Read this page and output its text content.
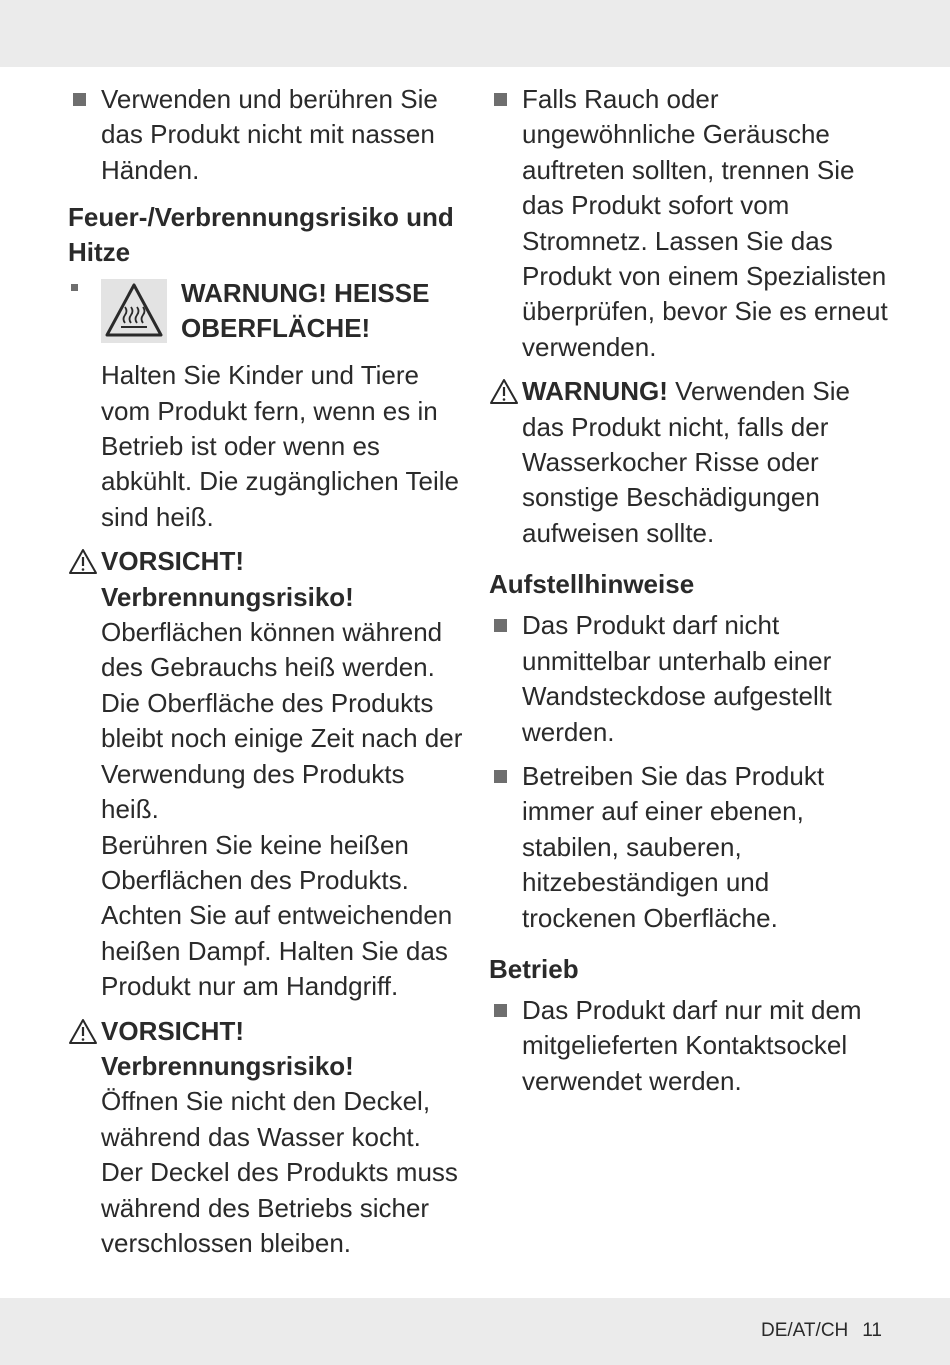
Verwenden und berühren Sie das Produkt nicht mit nassen Händen.
Feuer-/Verbrennungsrisiko und Hitze
WARNUNG! HEISSE OBERFLÄCHE!
Halten Sie Kinder und Tiere vom Produkt fern, wenn es in Betrieb ist oder wenn es abkühlt. Die zugänglichen Teile sind heiß.
VORSICHT!
Verbrennungsrisiko!
Oberflächen können während des Gebrauchs heiß werden. Die Oberfläche des Produkts bleibt noch einige Zeit nach der Verwendung des Produkts heiß.
Berühren Sie keine heißen Oberflächen des Produkts. Achten Sie auf entweichenden heißen Dampf. Halten Sie das Produkt nur am Handgriff.
VORSICHT!
Verbrennungsrisiko!
Öffnen Sie nicht den Deckel, während das Wasser kocht. Der Deckel des Produkts muss während des Betriebs sicher verschlossen bleiben.
Falls Rauch oder ungewöhnliche Geräusche auftreten sollten, trennen Sie das Produkt sofort vom Stromnetz. Lassen Sie das Produkt von einem Spezialisten überprüfen, bevor Sie es erneut verwenden.
WARNUNG! Verwenden Sie das Produkt nicht, falls der Wasserkocher Risse oder sonstige Beschädigungen aufweisen sollte.
Aufstellhinweise
Das Produkt darf nicht unmittelbar unterhalb einer Wandsteckdose aufgestellt werden.
Betreiben Sie das Produkt immer auf einer ebenen, stabilen, sauberen, hitzebeständigen und trockenen Oberfläche.
Betrieb
Das Produkt darf nur mit dem mitgelieferten Kontaktsockel verwendet werden.
DE/AT/CH 11
